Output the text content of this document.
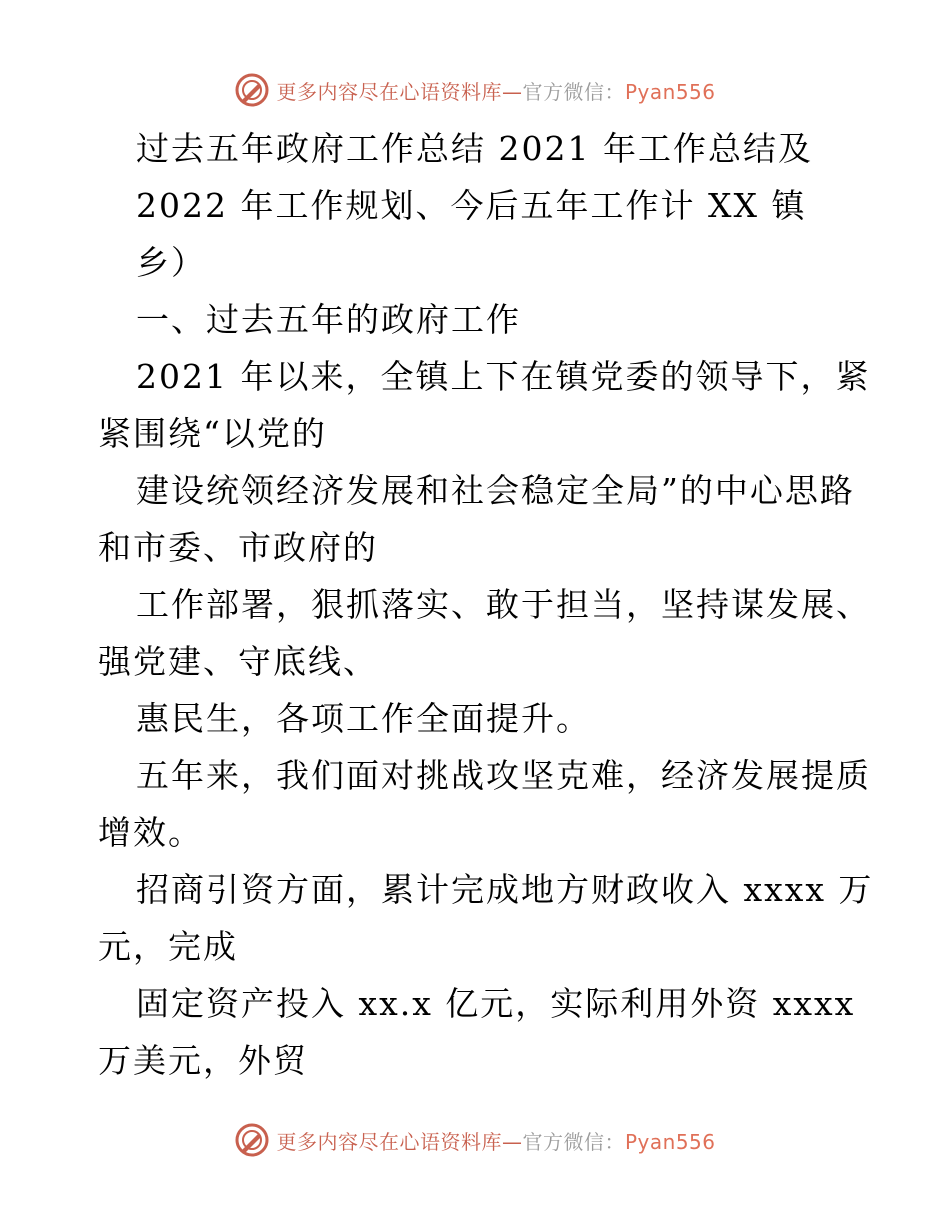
更多内容尽在心语资料库—官方微信：Pyan556
过去五年政府工作总结 2021 年工作总结及
2022 年工作规划、今后五年工作计 XX 镇
乡）
一、过去五年的政府工作
2021 年以来，全镇上下在镇党委的领导下，紧
紧围绕“以党的
建设统领经济发展和社会稳定全局”的中心思路
和市委、市政府的
工作部署，狠抓落实、敢于担当，坚持谋发展、
强党建、守底线、
惠民生，各项工作全面提升。
五年来，我们面对挑战攻坚克难，经济发展提质
增效。
招商引资方面，累计完成地方财政收入 xxxx 万
元，完成
固定资产投入 xx.x 亿元，实际利用外资 xxxx
万美元，外贸
更多内容尽在心语资料库—官方微信：Pyan556
